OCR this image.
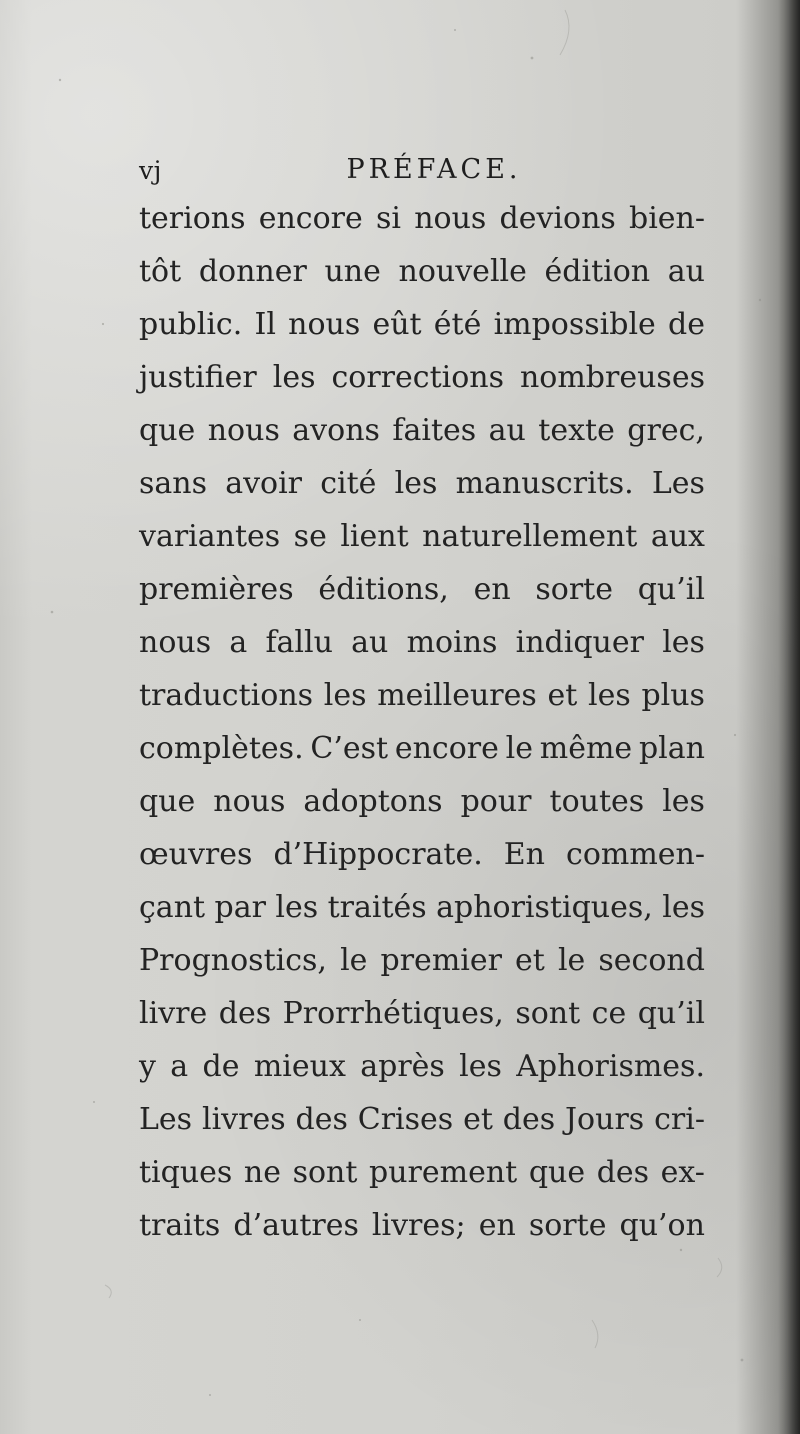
vj	PRÉFACE.
terions encore si nous devions bien-
tôt donner une nouvelle édition au
public. Il nous eût été impossible de
justifier les corrections nombreuses
que nous avons faites au texte grec,
sans avoir cité les manuscrits. Les
variantes se lient naturellement aux
premières éditions, en sorte qu’il
nous a fallu au moins indiquer les
traductions les meilleures et les plus
complètes. C’est encore le même plan
que nous adoptons pour toutes les
œuvres d’Hippocrate. En commen-
çant par les traités aphoristiques, les
Prognostics, le premier et le second
livre des Prorrhétiques, sont ce qu’il
y a de mieux après les Aphorismes.
Les livres des Crises et des Jours cri-
tiques ne sont purement que des ex-
traits d’autres livres; en sorte qu’on
